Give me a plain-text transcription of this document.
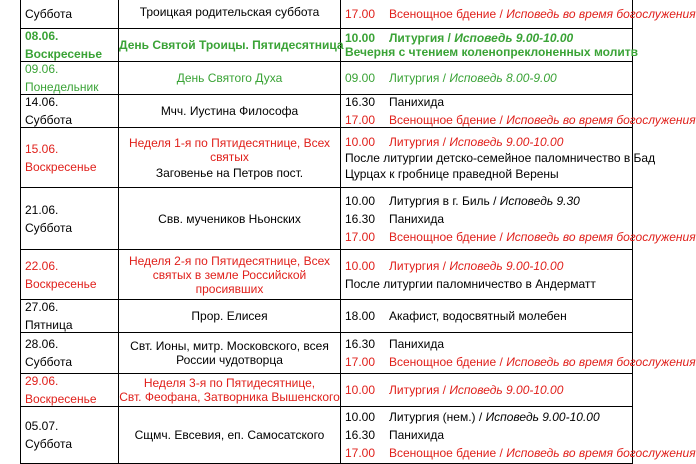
Суббота	Троицкая родительская суббота	17.00 Всенощное бдение / Исповедь во время богослужения

08.06.
Воскресенье	День Святой Троицы. Пятидесятница	10.00 Литургия / Исповедь 9.00-10.00
Вечерня с чтением коленопреклоненных молитв

09.06.
Понедельник	День Святого Духа	09.00 Литургия / Исповедь 8.00-9.00

14.06.
Суббота	Мчч. Иустина Философа	16.30 Панихида
17.00 Всенощное бдение / Исповедь во время богослужения

15.06.
Воскресенье	Неделя 1-я по Пятидесятнице, Всех
святых
Заговенье на Петров пост.	10.00 Литургия / Исповедь 9.00-10.00
После литургии детско-семейное паломничество в Бад
Цурцах к гробнице праведной Верены

21.06.
Суббота	Свв. мучеников Ньонских	10.00 Литургия в г. Биль / Исповедь 9.30
16.30 Панихида
17.00 Всенощное бдение / Исповедь во время богослужения

22.06.
Воскресенье	Неделя 2-я по Пятидесятнице, Всех
святых в земле Российской
просиявших	10.00 Литургия / Исповедь 9.00-10.00
После литургии паломничество в Андерматт

27.06.
Пятница	Прор. Елисея	18.00 Акафист, водосвятный молебен

28.06.
Суббота	Свт. Ионы, митр. Московского, всея
России чудотворца	16.30 Панихида
17.00 Всенощное бдение / Исповедь во время богослужения

29.06.
Воскресенье	Неделя 3-я по Пятидесятнице,
Свт. Феофана, Затворника Вышенского	10.00 Литургия / Исповедь 9.00-10.00

05.07.
Суббота	Сщмч. Евсевия, еп. Самосатского	10.00 Литургия (нем.) / Исповедь 9.00-10.00
16.30 Панихида
17.00 Всенощное бдение / Исповедь во время богослужения
